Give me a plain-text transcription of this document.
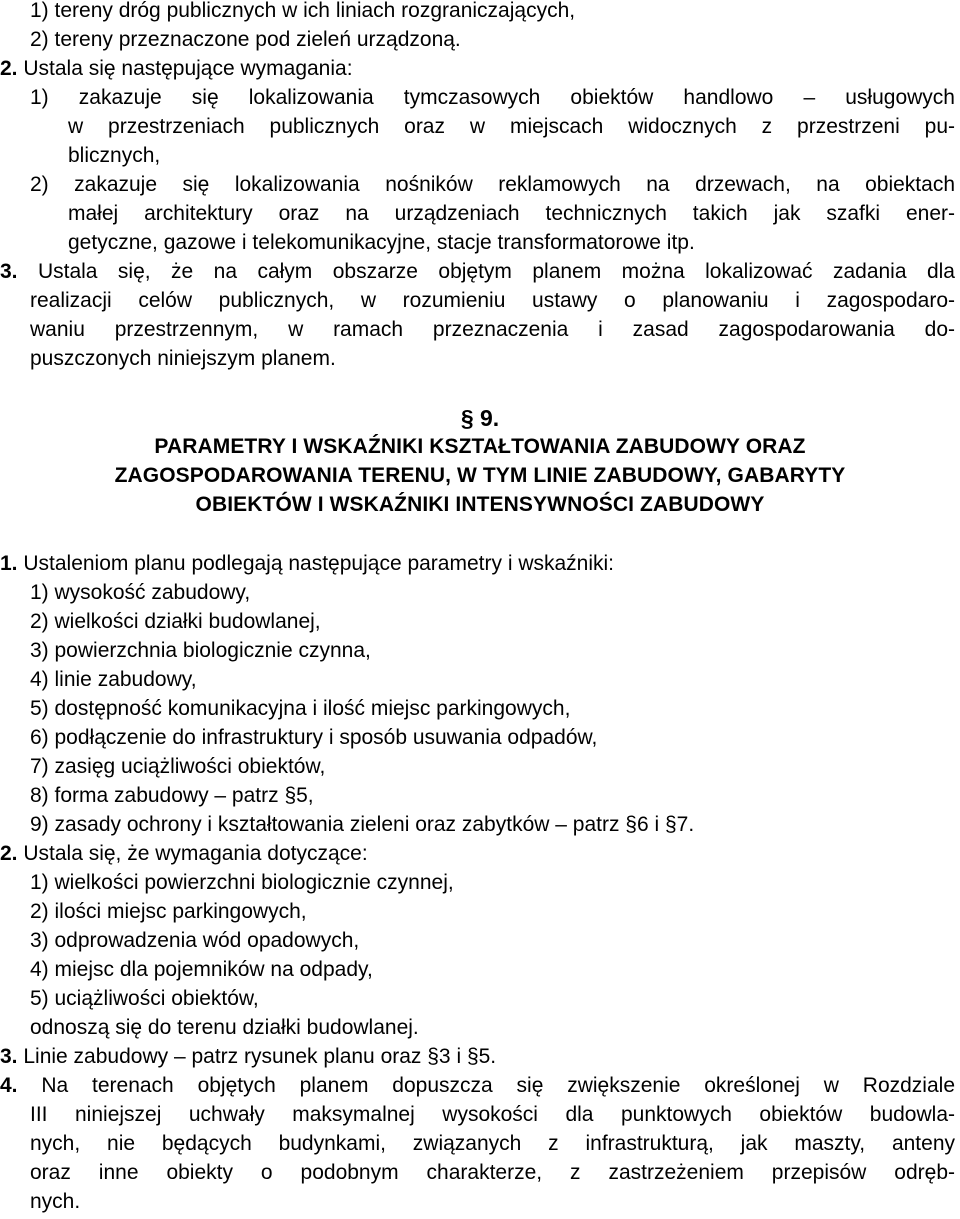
1) tereny dróg publicznych w ich liniach rozgraniczających,
2) tereny przeznaczone pod zieleń urządzoną.
2. Ustala się następujące wymagania:
1) zakazuje się lokalizowania tymczasowych obiektów handlowo – usługowych
w przestrzeniach publicznych oraz w miejscach widocznych z przestrzeni pu-
blicznych,
2) zakazuje się lokalizowania nośników reklamowych na drzewach, na obiektach
małej architektury oraz na urządzeniach technicznych takich jak szafki ener-
getyczne, gazowe i telekomunikacyjne, stacje transformatorowe itp.
3. Ustala się, że na całym obszarze objętym planem można lokalizować zadania dla
realizacji celów publicznych, w rozumieniu ustawy o planowaniu i zagospodaro-
waniu przestrzennym, w ramach przeznaczenia i zasad zagospodarowania do-
puszczonych niniejszym planem.
§ 9.
PARAMETRY I WSKAŹNIKI KSZTAŁTOWANIA ZABUDOWY ORAZ
ZAGOSPODAROWANIA TERENU, W TYM LINIE ZABUDOWY, GABARYTY
OBIEKTÓW I WSKAŹNIKI INTENSYWNOŚCI ZABUDOWY
1. Ustaleniom planu podlegają następujące parametry i wskaźniki:
1) wysokość zabudowy,
2) wielkości działki budowlanej,
3) powierzchnia biologicznie czynna,
4) linie zabudowy,
5) dostępność komunikacyjna i ilość miejsc parkingowych,
6) podłączenie do infrastruktury i sposób usuwania odpadów,
7) zasięg uciążliwości obiektów,
8) forma zabudowy – patrz §5,
9) zasady ochrony i kształtowania zieleni oraz zabytków – patrz §6 i §7.
2. Ustala się, że wymagania dotyczące:
1) wielkości powierzchni biologicznie czynnej,
2) ilości miejsc parkingowych,
3) odprowadzenia wód opadowych,
4) miejsc dla pojemników na odpady,
5) uciążliwości obiektów,
odnoszą się do terenu działki budowlanej.
3. Linie zabudowy – patrz rysunek planu oraz §3 i §5.
4. Na terenach objętych planem dopuszcza się zwiększenie określonej w Rozdziale
III niniejszej uchwały maksymalnej wysokości dla punktowych obiektów budowla-
nych, nie będących budynkami, związanych z infrastrukturą, jak maszty, anteny
oraz inne obiekty o podobnym charakterze, z zastrzeżeniem przepisów odręb-
nych.
